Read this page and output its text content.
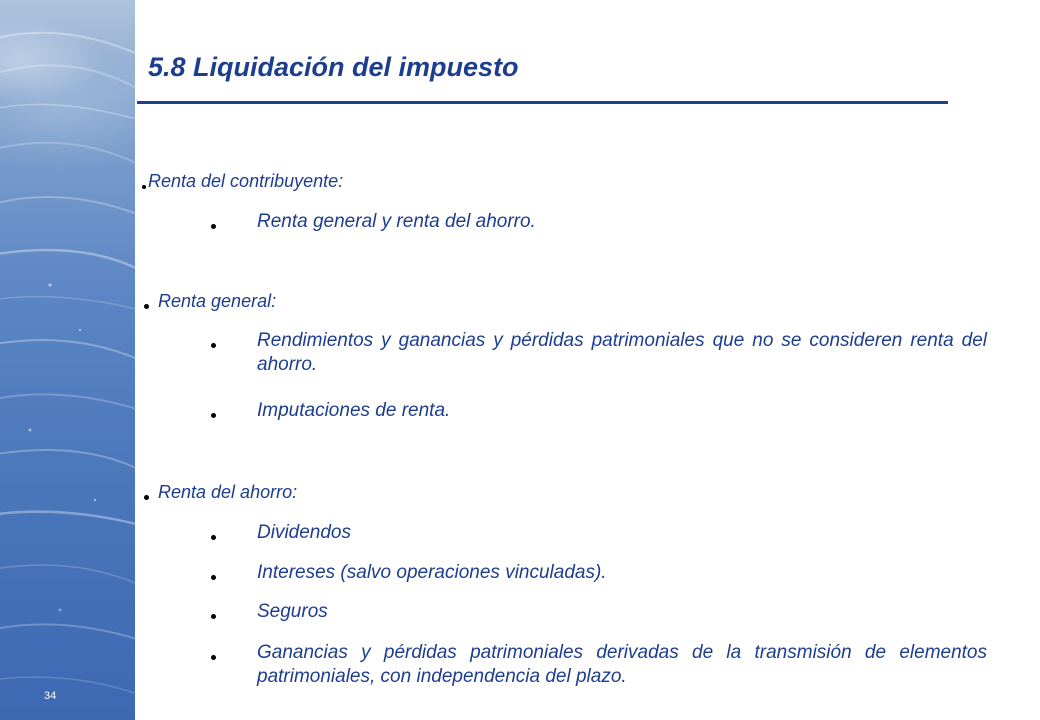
34
5.8 Liquidación del impuesto
Renta del contribuyente:
Renta general y renta del ahorro.
Renta general:
Rendimientos y ganancias y pérdidas patrimoniales que no se consideren renta del ahorro.
Imputaciones de renta.
Renta del ahorro:
Dividendos
Intereses (salvo operaciones vinculadas).
Seguros
Ganancias y pérdidas patrimoniales derivadas de la transmisión de elementos patrimoniales, con independencia del plazo.
